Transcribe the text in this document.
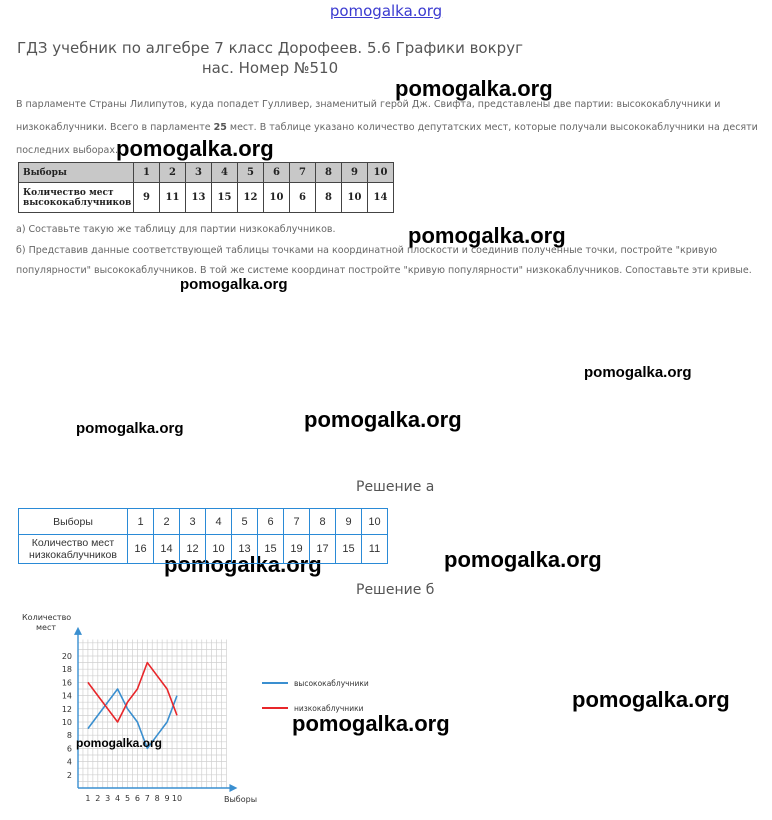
pomogalka.org
ГДЗ учебник по алгебре 7 класс Дорофеев. 5.6 Графики вокруг нас. Номер №510
pomogalka.org
pomogalka.org
pomogalka.org
pomogalka.org
pomogalka.org
pomogalka.org
pomogalka.org
pomogalka.org
pomogalka.org
pomogalka.org
pomogalka.org
В парламенте Страны Лилипутов, куда попадет Гулливер, знаменитый герой Дж. Свифта, представлены две партии: высококаблучники и низкокаблучники. Всего в парламенте 25 мест. В таблице указано количество депутатских мест, которые получали высококаблучники на десяти последних выборах.
Выборы	1	2	3	4	5	6	7	8	9	10
Количество мест высококаблучников	9	11	13	15	12	10	6	8	10	14
а) Составьте такую же таблицу для партии низкокаблучников.
б) Представив данные соответствующей таблицы точками на координатной плоскости и соединив полученные точки, постройте "кривую популярности" высококаблучников. В той же системе координат постройте "кривую популярности" низкокаблучников. Сопоставьте эти кривые.
Решение а
Выборы	1	2	3	4	5	6	7	8	9	10
Количество мест низкокаблучников	16	14	12	10	13	15	19	17	15	11
Решение б
2
4
6
8
10
12
14
16
18
20
1 2 3 4 5 6 7 8 9 10
Количество
мест
Выборы
высококаблучники
низкокаблучники
pomogalka.org
